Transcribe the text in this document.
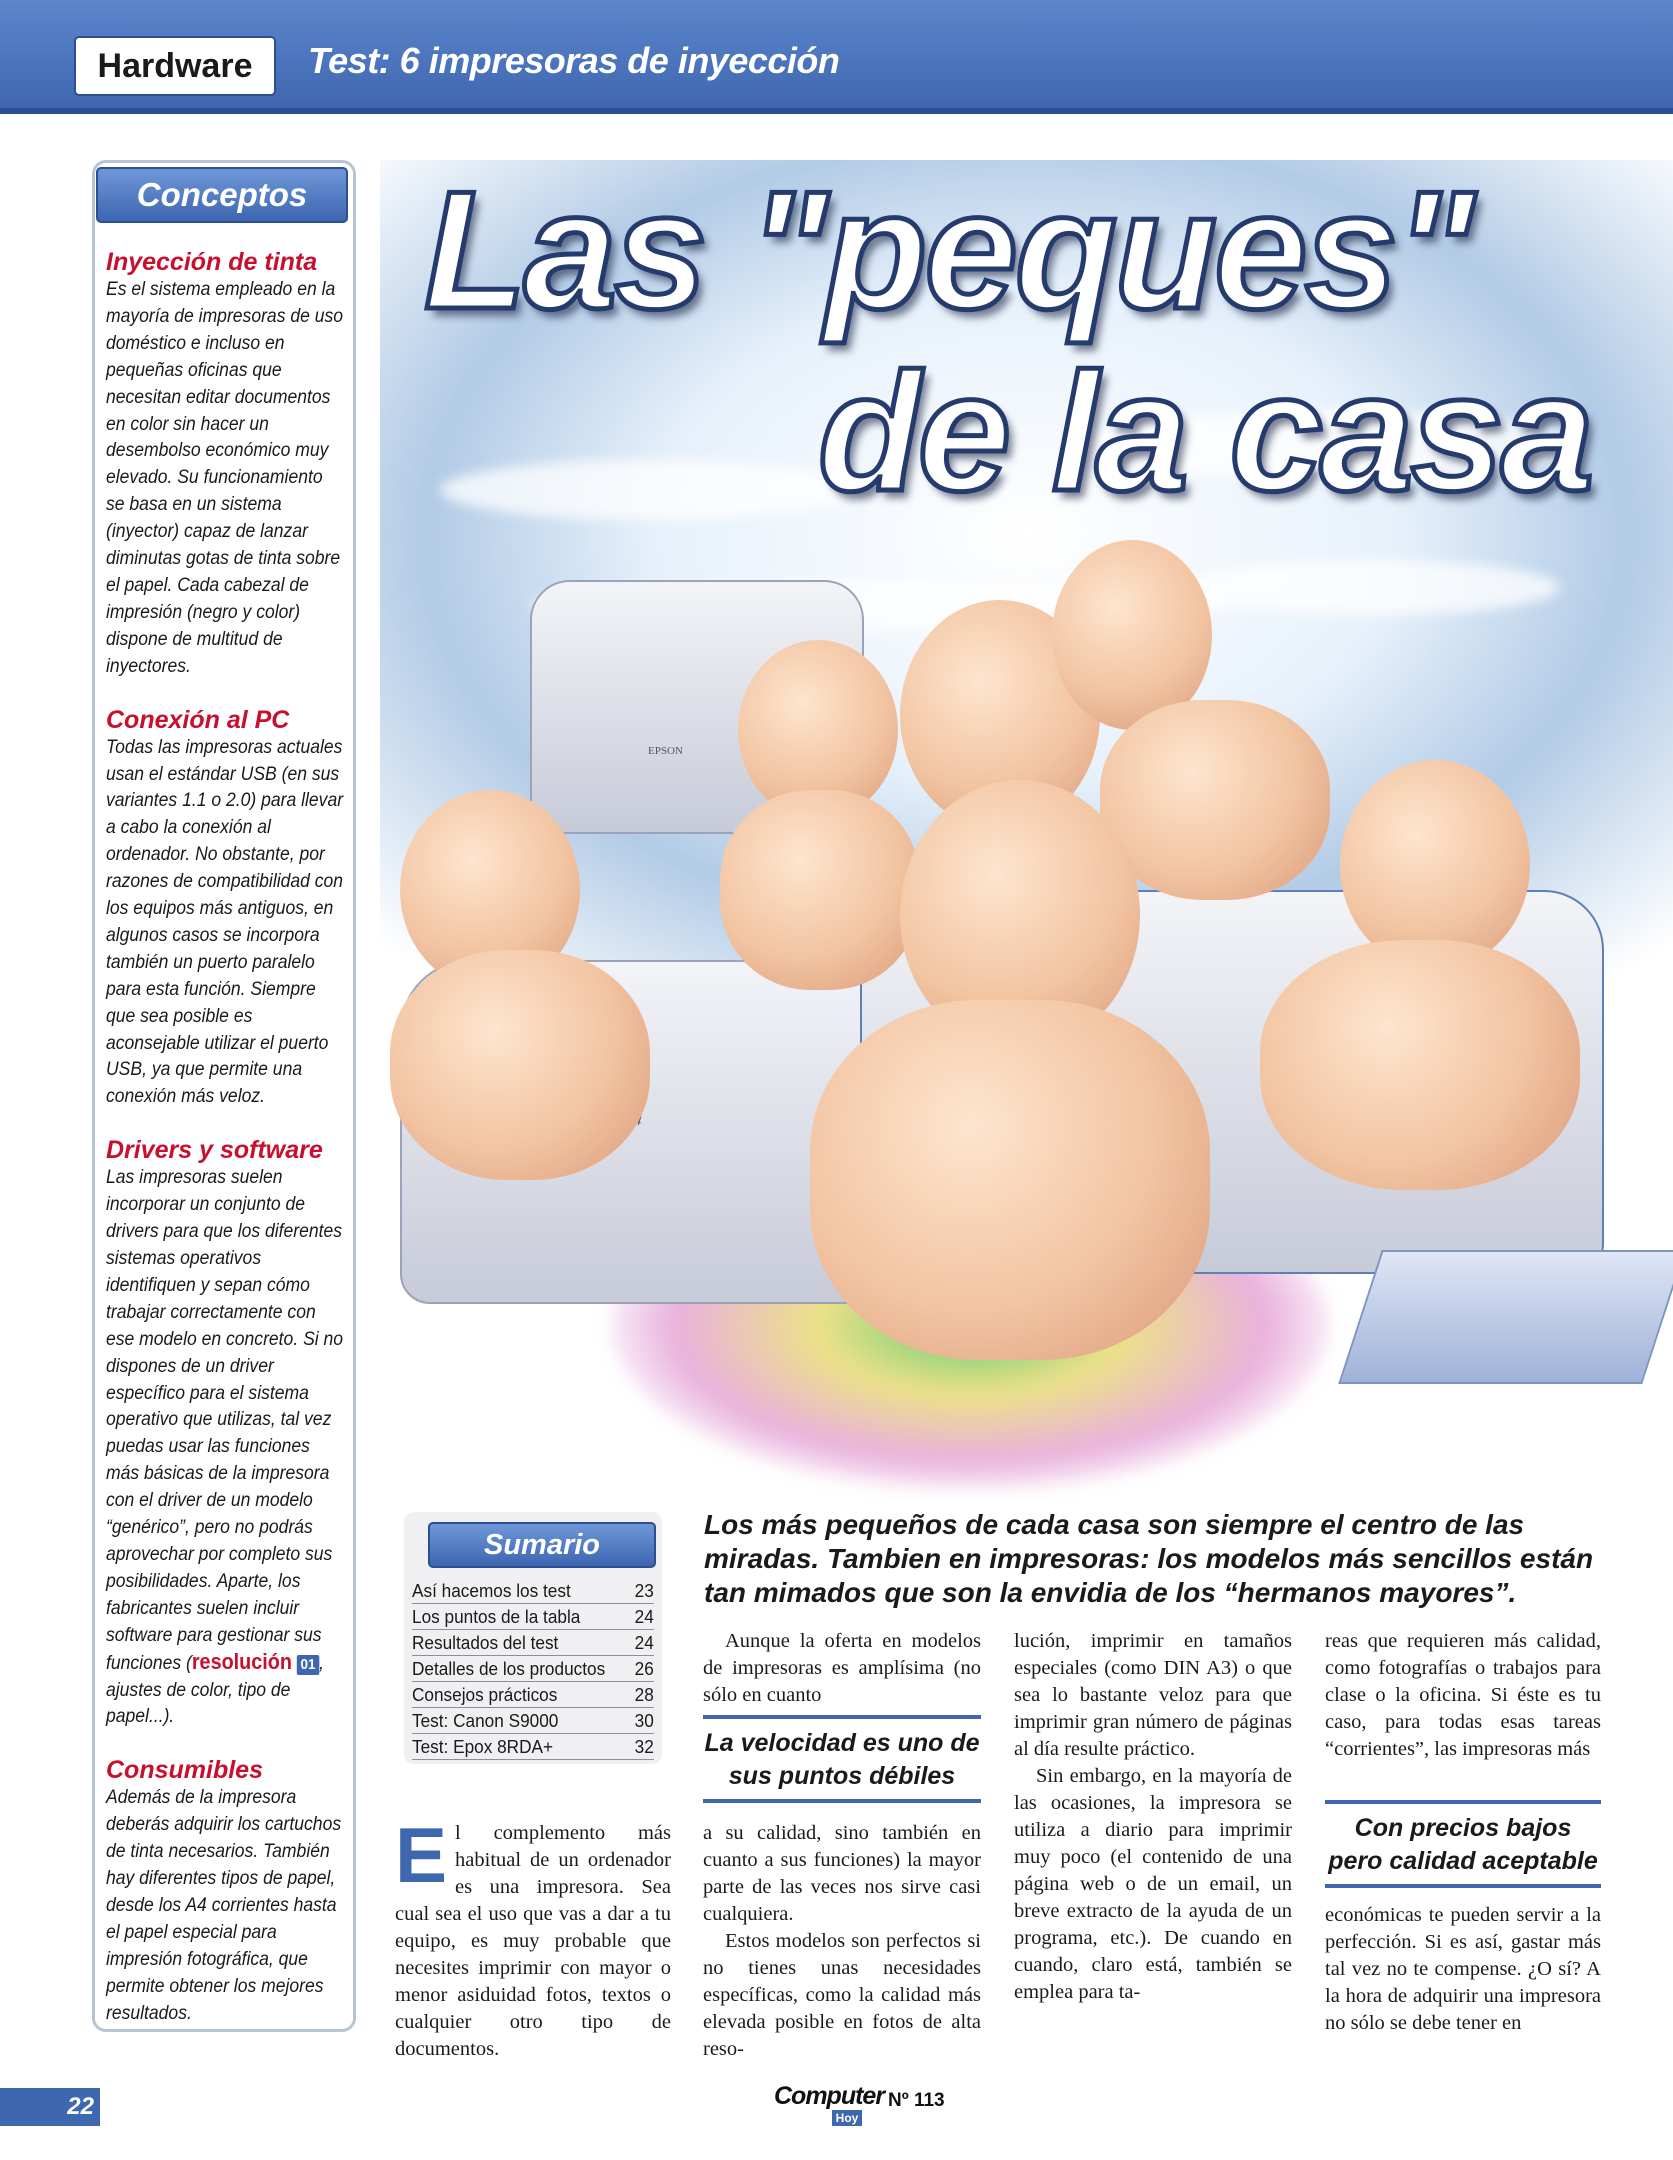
Hardware	Test: 6 impresoras de inyección
Conceptos
Inyección de tinta

Es el sistema empleado en la mayoría de impresoras de uso doméstico e incluso en pequeñas oficinas que necesitan editar documentos en color sin hacer un desembolso económico muy elevado. Su funcionamiento se basa en un sistema (inyector) capaz de lanzar diminutas gotas de tinta sobre el papel. Cada cabezal de impresión (negro y color) dispone de multitud de inyectores.

Conexión al PC

Todas las impresoras actuales usan el estándar USB (en sus variantes 1.1 o 2.0) para llevar a cabo la conexión al ordenador. No obstante, por razones de compatibilidad con los equipos más antiguos, en algunos casos se incorpora también un puerto paralelo para esta función. Siempre que sea posible es aconsejable utilizar el puerto USB, ya que permite una conexión más veloz.

Drivers y software

Las impresoras suelen incorporar un conjunto de drivers para que los diferentes sistemas operativos identifiquen y sepan cómo trabajar correctamente con ese modelo en concreto. Si no dispones de un driver específico para el sistema operativo que utilizas, tal vez puedas usar las funciones más básicas de la impresora con el driver de un modelo “genérico”, pero no podrás aprovechar por completo sus posibilidades. Aparte, los fabricantes suelen incluir software para gestionar sus funciones (resolución 01 , ajustes de color, tipo de papel...).

Consumibles

Además de la impresora deberás adquirir los cartuchos de tinta necesarios. También hay diferentes tipos de papel, desde los A4 corrientes hasta el papel especial para impresión fotográfica, que permite obtener los mejores resultados.

EPSON
Las "peques"
de la casa
Sumario
Así hacemos los test	23
Los puntos de la tabla	24
Resultados del test	24
Detalles de los productos 26
Consejos prácticos	28
Test: Canon S9000	30
Test: Epox 8RDA+	32
Los más pequeños de cada casa son siempre el centro de las miradas. Tambien en impresoras: los modelos más sencillos están tan mimados que son la envidia de los “hermanos mayores”.
El complemento más habitual de un ordenador es una impresora. Sea cual sea el uso que vas a dar a tu equipo, es muy probable que necesites imprimir con mayor o menor asiduidad fotos, textos o cualquier otro tipo de documentos.

Aunque la oferta en modelos de impresoras es amplísima (no sólo en cuanto

La velocidad es uno de sus puntos débiles

a su calidad, sino también en cuanto a sus funciones) la mayor parte de las veces nos sirve casi cualquiera.

Estos modelos son perfectos si no tienes unas necesidades específicas, como la calidad más elevada posible en fotos de alta reso-

lución, imprimir en tamaños especiales (como DIN A3) o que sea lo bastante veloz para que imprimir gran número de páginas al día resulte práctico.

Sin embargo, en la mayoría de las ocasiones, la impresora se utiliza a diario para imprimir muy poco (el contenido de una página web o de un email, un breve extracto de la ayuda de un programa, etc.). De cuando en cuando, claro está, también se emplea para ta-

reas que requieren más calidad, como fotografías o trabajos para clase o la oficina. Si éste es tu caso, para todas esas tareas “corrientes”, las impresoras más

Con precios bajos pero calidad aceptable

económicas te pueden servir a la perfección. Si es así, gastar más tal vez no te compense. ¿O sí? A la hora de adquirir una impresora no sólo se debe tener en

22	Computer
Hoy
Nº 113
